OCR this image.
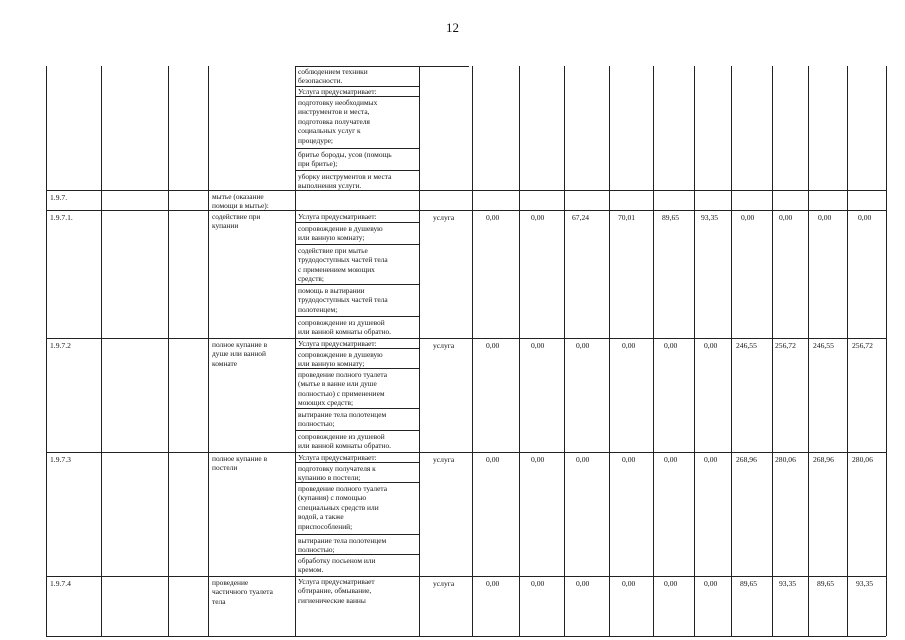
12
соблюдением техники
безопасности.
Услуга предусматривает:
подготовку необходимых
инструментов и места,
подготовка получателя
социальных услуг к
процедуре;
бритье бороды, усов (помощь
при бритье);
уборку инструментов и места
выполнения услуги.
1.9.7.	мытье (оказание
помощи в мытье):
1.9.7.1.	содействие при
купании
Услуга предусматривает:
сопровождение в душевую
или ванную комнату;
содействие при мытье
трудодоступных частей тела
с применением моющих
средств;
помощь в вытирании
трудодоступных частей тела
полотенцем;
сопровождение из душевой
или ванной комнаты обратно.
услуга	0,00	0,00	67,24	70,01	89,65	93,35	0,00	0,00	0,00	0,00
1.9.7.2	полное купание в
душе или ванной
комнате
Услуга предусматривает:
сопровождение в душевую
или ванную комнату;
проведение полного туалета
(мытье в ванне или душе
полностью) с применением
моющих средств;
вытирание тела полотенцем
полностью;
сопровождение из душевой
или ванной комнаты обратно.
услуга	0,00	0,00	0,00	0,00	0,00	0,00 246,55 256,72 246,55 256,72
1.9.7.3	полное купание в
постели
Услуга предусматривает:
подготовку получателя к
купанию в постели;
проведение полного туалета
(купания) с помощью
специальных средств или
водой, а также
приспособлений;
вытирание тела полотенцем
полностью;
обработку посьеном или
кремом.
услуга	0,00	0,00	0,00	0,00	0,00	0,00 268,96 280,06 268,96 280,06
1.9.7.4	проведение
частичного туалета
тела
Услуга предусматривает
обтирание, обмывание,
гигиенические ванны
услуга	0,00	0,00	0,00	0,00	0,00	0,00	89,65	93,35	89,65	93,35
